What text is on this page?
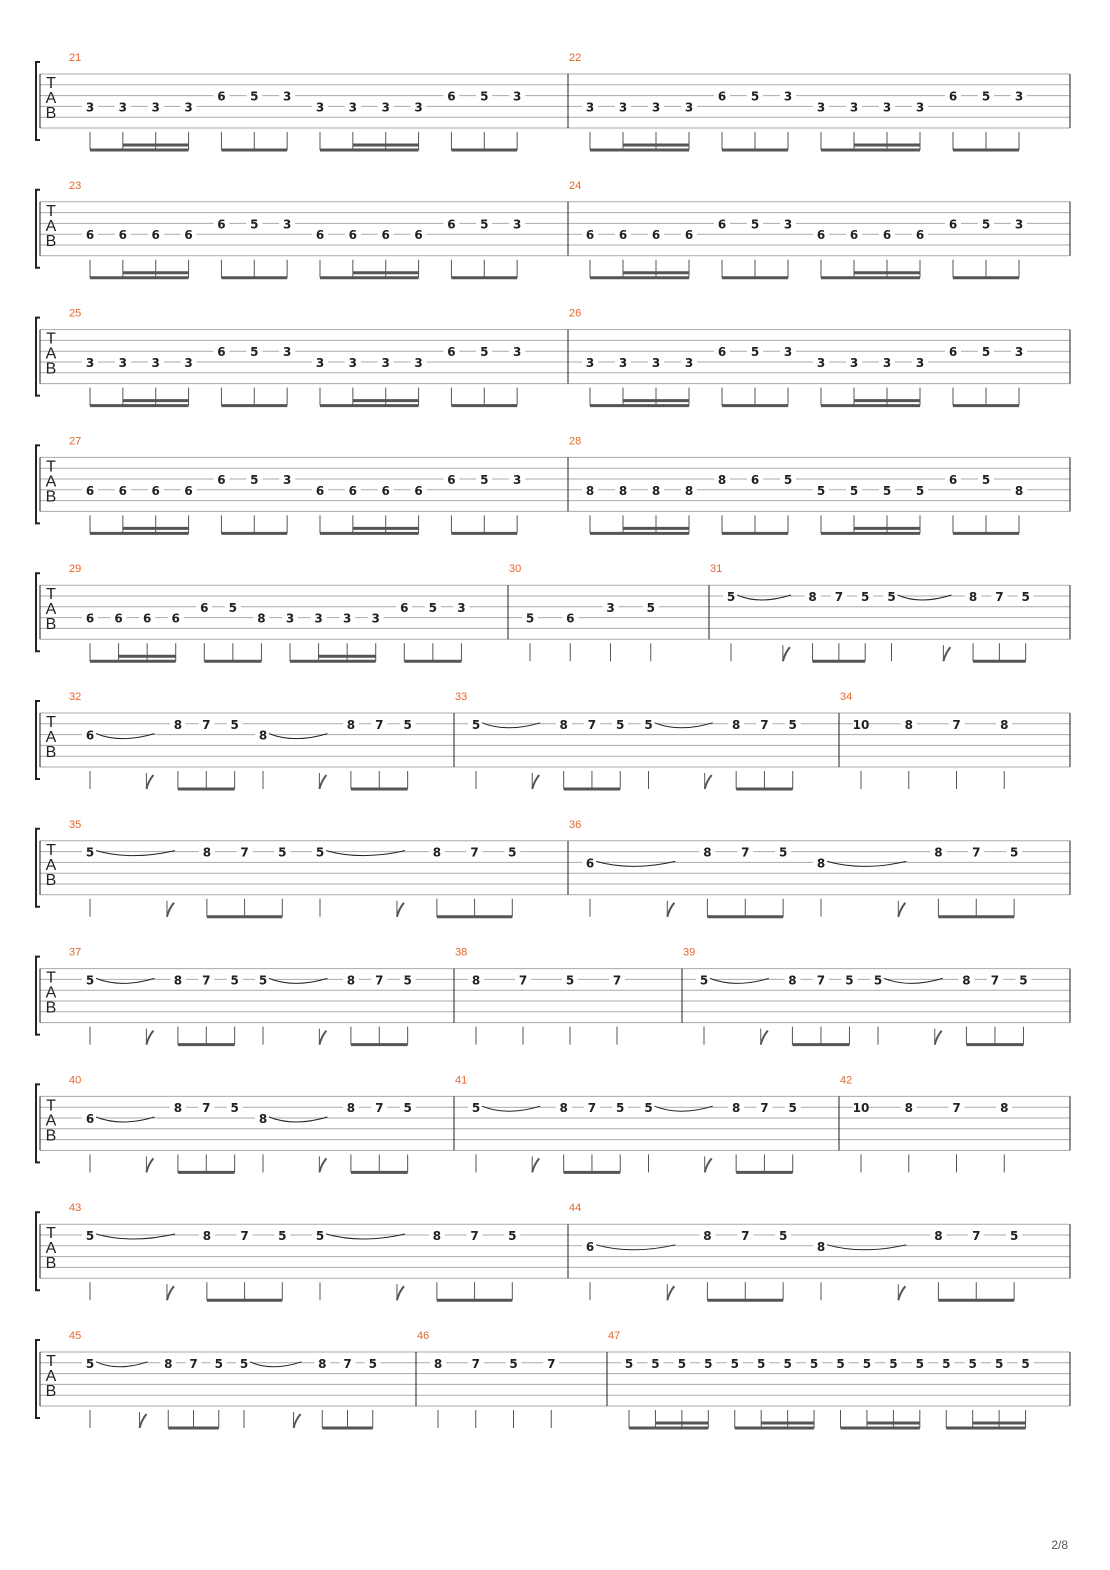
T
A
B
21
3 3 3 3
6 5 3
3 3 3 3
6 5 3
22
3 3 3 3
6 5 3
3 3 3 3
6 5 3
T
A
B
23
6 6 6 6
6 5 3
6 6 6 6
6 5 3
24
6 6 6 6
6 5 3
6 6 6 6
6 5 3
T
A
B
25
3 3 3 3
6 5 3
3 3 3 3
6 5 3
26
3 3 3 3
6 5 3
3 3 3 3
6 5 3
T
A
B
27
6 6 6 6
6 5 3
6 6 6 6
6 5 3
28
8 8 8 8
8 6 5
5 5 5 5
6 5
8
T
A
B
29
6 6 6 6
6 5
8 3 3 3 3
6 5 3
30
5	6
3	5
31
5	8 7 5 5	8 7 5
T
A
B
32
6
8 7 5
8
8 7 5
33
5	8 7 5 5	8 7 5
34
10	8	7	8
T
A
B
35
5	8 7 5 5	8 7 5
36
6
8 7 5
8
8 7 5
T
A
B
37
5	8 7 5 5	8 7 5
38
8	7	5	7
39
5	8 7 5 5	8 7 5
T
A
B
40
6
8 7 5
8
8 7 5
41
5	8 7 5 5	8 7 5
42
10	8	7	8
T
A
B
43
5	8 7 5 5	8 7 5
44
6
8 7 5
8
8 7 5
T
A
B
45
5	8 7 5 5	8 7 5
46
8 7 5 7
47
5 5 5 5 5 5 5 5 5 5 5 5 5 5 5 5
2/8
